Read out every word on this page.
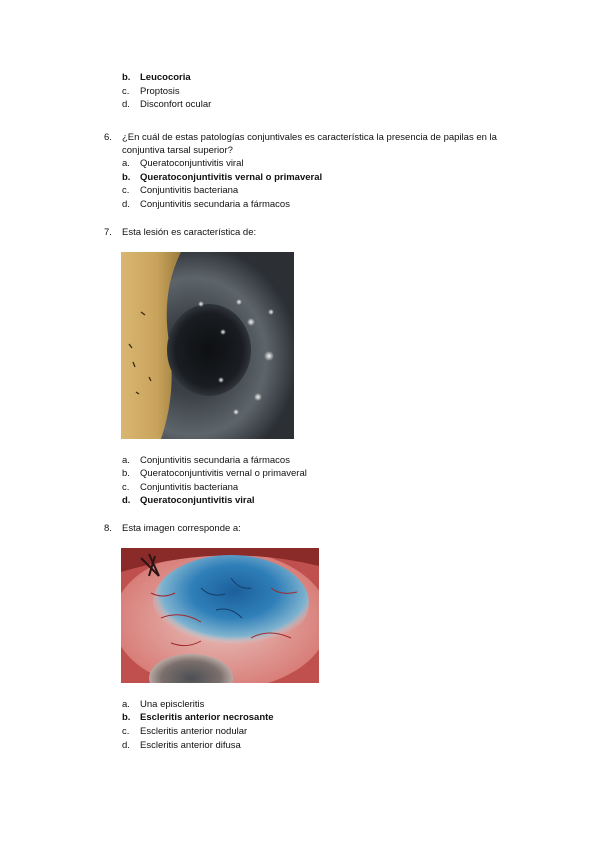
b. Leucocoria
c. Proptosis
d. Disconfort ocular
6. ¿En cuál de estas patologías conjuntivales es característica la presencia de papilas en la
conjuntiva tarsal superior?
a. Queratoconjuntivitis viral
b. Queratoconjuntivitis vernal o primaveral
c. Conjuntivitis bacteriana
d. Conjuntivitis secundaria a fármacos
7. Esta lesión es característica de:
a. Conjuntivitis secundaria a fármacos
b. Queratoconjuntivitis vernal o primaveral
c. Conjuntivitis bacteriana
d. Queratoconjuntivitis viral
8. Esta imagen corresponde a:
a. Una episcleritis
b. Escleritis anterior necrosante
c. Escleritis anterior nodular
d. Escleritis anterior difusa
